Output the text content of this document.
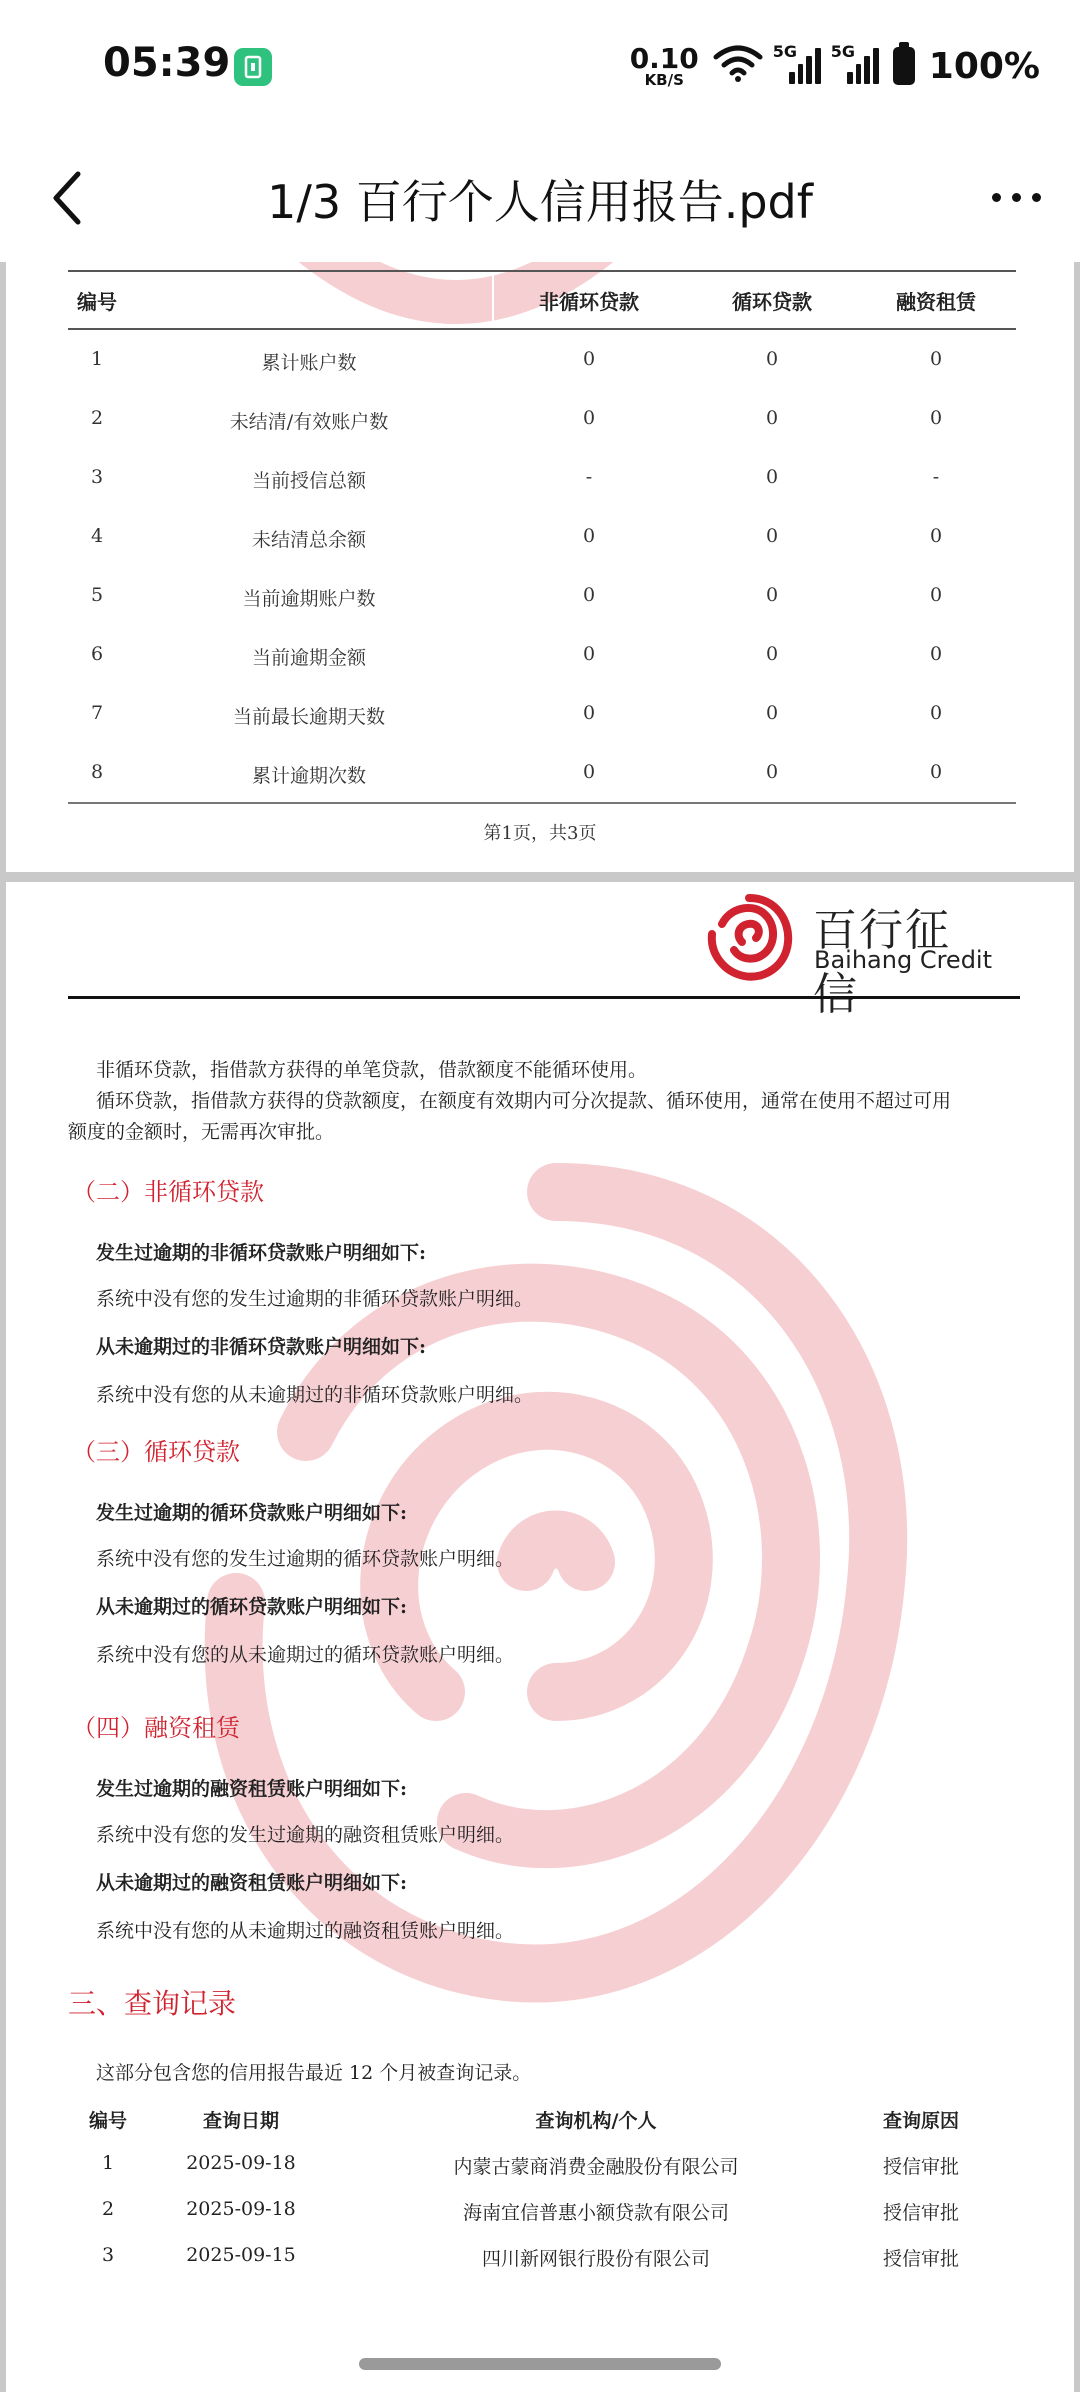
05:39	0.10
KB/S
5G 5G 100%
1/3 百行个人信用报告.pdf
编号	非循环贷款	循环贷款	融资租赁
1	累计账户数	0	0	0
2	未结清/有效账户数	0	0	0
3	当前授信总额	-	0	-
4	未结清总余额	0	0	0
5	当前逾期账户数	0	0	0
6	当前逾期金额	0	0	0
7	当前最长逾期天数	0	0	0
8	累计逾期次数	0	0	0
第1页，共3页
百行征信
Baihang Credit
非循环贷款，指借款方获得的单笔贷款，借款额度不能循环使用。
循环贷款，指借款方获得的贷款额度，在额度有效期内可分次提款、循环使用，通常在使用不超过可用
额度的金额时，无需再次审批。
（二）非循环贷款
发生过逾期的非循环贷款账户明细如下:
系统中没有您的发生过逾期的非循环贷款账户明细。
从未逾期过的非循环贷款账户明细如下:
系统中没有您的从未逾期过的非循环贷款账户明细。
（三）循环贷款
发生过逾期的循环贷款账户明细如下:
系统中没有您的发生过逾期的循环贷款账户明细。
从未逾期过的循环贷款账户明细如下:
系统中没有您的从未逾期过的循环贷款账户明细。
（四）融资租赁
发生过逾期的融资租赁账户明细如下:
系统中没有您的发生过逾期的融资租赁账户明细。
从未逾期过的融资租赁账户明细如下:
系统中没有您的从未逾期过的融资租赁账户明细。
三、查询记录
这部分包含您的信用报告最近 12 个月被查询记录。
编号	查询日期	查询机构/个人	查询原因
1	2025-09-18	内蒙古蒙商消费金融股份有限公司	授信审批
2	2025-09-18	海南宜信普惠小额贷款有限公司	授信审批
3	2025-09-15	四川新网银行股份有限公司	授信审批
